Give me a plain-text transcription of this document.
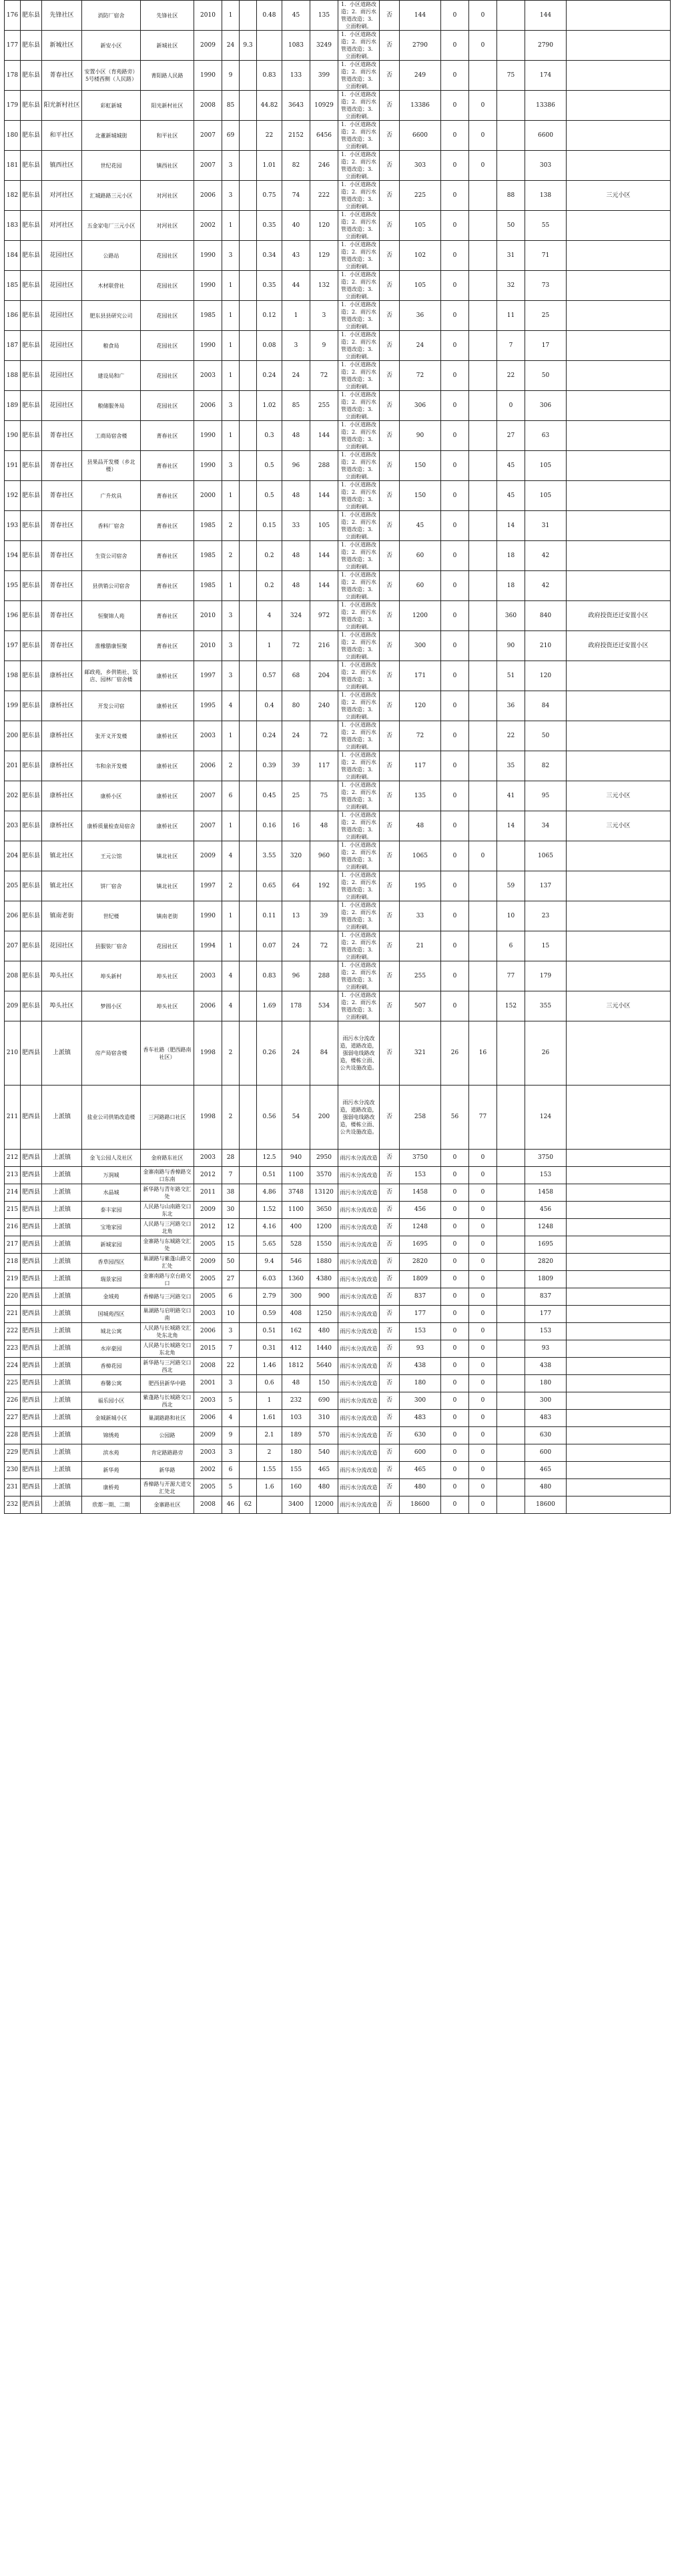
176	肥东县	先锋社区	消防厂宿舍	先锋社区	2010	1		0.48	45	135	1．小区道路改造；2．雨污水管道改造；3．立面粉刷。	否	144	0	0		144	
177	肥东县	新城社区	新安小区	新城社区	2009	24	9.3		1083	3249	1．小区道路改造；2．雨污水管道改造；3．立面粉刷。	否	2790	0	0		2790	
178	肥东县	菁春社区	安置小区（育苑路旁）5号楼西侧（人民路）	菁阳路人民路	1990	9		0.83	133	399	1．小区道路改造；2．雨污水管道改造；3．立面粉刷。	否	249	0		75	174	
179	肥东县	阳光新村社区	彩虹新城	阳光新村社区	2008	85		44.82	3643	10929	1．小区道路改造；2．雨污水管道改造；3．立面粉刷。	否	13386	0	0		13386	
180	肥东县	和平社区	北董新城城街	和平社区	2007	69		22	2152	6456	1．小区道路改造；2．雨污水管道改造；3．立面粉刷。	否	6600	0	0		6600	
181	肥东县	镇西社区	世纪花园	镇西社区	2007	3		1.01	82	246	1．小区道路改造；2．雨污水管道改造；3．立面粉刷。	否	303	0	0		303	
182	肥东县	对河社区	汇城路路三元小区	对河社区	2006	3		0.75	74	222	1．小区道路改造；2．雨污水管道改造；3．立面粉刷。	否	225	0		88	138	三元小区
183	肥东县	对河社区	五金家电厂三元小区	对河社区	2002	1		0.35	40	120	1．小区道路改造；2．雨污水管道改造；3．立面粉刷。	否	105	0		50	55	
184	肥东县	花园社区	公路站	花园社区	1990	3		0.34	43	129	1．小区道路改造；2．雨污水管道改造；3．立面粉刷。	否	102	0		31	71	
185	肥东县	花园社区	木材联营社	花园社区	1990	1		0.35	44	132	1．小区道路改造；2．雨污水管道改造；3．立面粉刷。	否	105	0		32	73	
186	肥东县	花园社区	肥东县县研究公司	花园社区	1985	1		0.12	1	3	1．小区道路改造；2．雨污水管道改造；3．立面粉刷。	否	36	0		11	25	
187	肥东县	花园社区	粮食局	花园社区	1990	1		0.08	3	9	1．小区道路改造；2．雨污水管道改造；3．立面粉刷。	否	24	0		7	17	
188	肥东县	花园社区	建设局和广	花园社区	2003	1		0.24	24	72	1．小区道路改造；2．雨污水管道改造；3．立面粉刷。	否	72	0		22	50	
189	肥东县	花园社区	粮储服务局	花园社区	2006	3		1.02	85	255	1．小区道路改造；2．雨污水管道改造；3．立面粉刷。	否	306	0		0	306	
190	肥东县	菁春社区	工商局宿舍楼	菁春社区	1990	1		0.3	48	144	1．小区道路改造；2．雨污水管道改造；3．立面粉刷。	否	90	0		27	63	
191	肥东县	菁春社区	县果品开发楼（乡北楼）	菁春社区	1990	3		0.5	96	288	1．小区道路改造；2．雨污水管道改造；3．立面粉刷。	否	150	0		45	105	
192	肥东县	菁春社区	广升炊具	菁春社区	2000	1		0.5	48	144	1．小区道路改造；2．雨污水管道改造；3．立面粉刷。	否	150	0		45	105	
193	肥东县	菁春社区	香料厂宿舍	菁春社区	1985	2		0.15	33	105	1．小区道路改造；2．雨污水管道改造；3．立面粉刷。	否	45	0		14	31	
194	肥东县	菁春社区	生资公司宿舍	菁春社区	1985	2		0.2	48	144	1．小区道路改造；2．雨污水管道改造；3．立面粉刷。	否	60	0		18	42	
195	肥东县	菁春社区	县供销公司宿舍	菁春社区	1985	1		0.2	48	144	1．小区道路改造；2．雨污水管道改造；3．立面粉刷。	否	60	0		18	42	
196	肥东县	菁春社区	恒聚锦人苑	菁春社区	2010	3		4	324	972	1．小区道路改造；2．雨污水管道改造；3．立面粉刷。	否	1200	0		360	840	政府投资还迁安置小区
197	肥东县	菁春社区	淮橡腊康恒聚	菁春社区	2010	3		1	72	216	1．小区道路改造；2．雨污水管道改造；3．立面粉刷。	否	300	0		90	210	政府投资还迁安置小区
198	肥东县	康桥社区	邮政苑，乡供销社、饭店、园林厂宿舍楼	康桥社区	1997	3		0.57	68	204	1．小区道路改造；2．雨污水管道改造；3．立面粉刷。	否	171	0		51	120	
199	肥东县	康桥社区	开发公司宿	康桥社区	1995	4		0.4	80	240	1．小区道路改造；2．雨污水管道改造；3．立面粉刷。	否	120	0		36	84	
200	肥东县	康桥社区	张开义开发楼	康桥社区	2003	1		0.24	24	72	1．小区道路改造；2．雨污水管道改造；3．立面粉刷。	否	72	0		22	50	
201	肥东县	康桥社区	韦和余开发楼	康桥社区	2006	2		0.39	39	117	1．小区道路改造；2．雨污水管道改造；3．立面粉刷。	否	117	0		35	82	
202	肥东县	康桥社区	康桥小区	康桥社区	2007	6		0.45	25	75	1．小区道路改造；2．雨污水管道改造；3．立面粉刷。	否	135	0		41	95	三元小区
203	肥东县	康桥社区	康桥质量检查局宿舍	康桥社区	2007	1		0.16	16	48	1．小区道路改造；2．雨污水管道改造；3．立面粉刷。	否	48	0		14	34	三元小区
204	肥东县	镇北社区	王元公馆	镇北社区	2009	4		3.55	320	960	1．小区道路改造；2．雨污水管道改造；3．立面粉刷。	否	1065	0	0		1065	
205	肥东县	镇北社区	饼厂宿舍	镇北社区	1997	2		0.65	64	192	1．小区道路改造；2．雨污水管道改造；3．立面粉刷。	否	195	0		59	137	
206	肥东县	镇南老街	世纪楼	镇南老街	1990	1		0.11	13	39	1．小区道路改造；2．雨污水管道改造；3．立面粉刷。	否	33	0		10	23	
207	肥东县	花园社区	县服装厂宿舍	花园社区	1994	1		0.07	24	72	1．小区道路改造；2．雨污水管道改造；3．立面粉刷。	否	21	0		6	15	
208	肥东县	埠头社区	埠头新村	埠头社区	2003	4		0.83	96	288	1．小区道路改造；2．雨污水管道改造；3．立面粉刷。	否	255	0		77	179	
209	肥东县	埠头社区	梦圆小区	埠头社区	2006	4		1.69	178	534	1．小区道路改造；2．雨污水管道改造；3．立面粉刷。	否	507	0		152	355	三元小区
210	肥西县	上派镇	房产局宿舍楼	香车社路（肥西路南社区）	1998	2		0.26	24	84	雨污水分流改造，道路改造，强弱电线路改造，楼栋立面、公共设施改造。	否	321	26	16		26	
211	肥西县	上派镇	盐业公司供销改造楼	三河路路口社区	1998	2		0.56	54	200	雨污水分流改造，道路改造，强弱电线路改造，楼栋立面、公共设施改造。	否	258	56	77		124	
212	肥西县	上派镇	金飞公园人及社区	金府路东社区	2003	28		12.5	940	2950	雨污水分流改造	否	3750	0	0		3750	
213	肥西县	上派镇	万润城	金寨南路与香樟路交口东南	2012	7		0.51	1100	3570	雨污水分流改造	否	153	0	0		153	
214	肥西县	上派镇	水晶城	新华路与青年路交汇处	2011	38		4.86	3748	13120	雨污水分流改造	否	1458	0	0		1458	
215	肥西县	上派镇	泰丰家园	人民路与山南路交口东北	2009	30		1.52	1100	3650	雨污水分流改造	否	456	0	0		456	
216	肥西县	上派镇	宝地家园	人民路与三河路交口北角	2012	12		4.16	400	1200	雨污水分流改造	否	1248	0	0		1248	
217	肥西县	上派镇	新城家园	金寨路与东城路交汇处	2005	15		5.65	528	1550	雨污水分流改造	否	1695	0	0		1695	
218	肥西县	上派镇	香草园西区	巢湖路与紫蓬山路交汇处	2009	50		9.4	546	1880	雨污水分流改造	否	2820	0	0		2820	
219	肥西县	上派镇	瑞景家园	金寨南路与京台路交口	2005	27		6.03	1360	4380	雨污水分流改造	否	1809	0	0		1809	
220	肥西县	上派镇	金域苑	香樟路与三河路交口	2005	6		2.79	300	900	雨污水分流改造	否	837	0	0		837	
221	肥西县	上派镇	国城苑西区	巢湖路与启明路交口南	2003	10		0.59	408	1250	雨污水分流改造	否	177	0	0		177	
222	肥西县	上派镇	城北公寓	人民路与长城路交汇处东北角	2006	3		0.51	162	480	雨污水分流改造	否	153	0	0		153	
223	肥西县	上派镇	水岸豪园	人民路与长城路交口东北角	2015	7		0.31	412	1440	雨污水分流改造	否	93	0	0		93	
224	肥西县	上派镇	香樟花园	新华路与三河路交口西北	2008	22		1.46	1812	5640	雨污水分流改造	否	438	0	0		438	
225	肥西县	上派镇	春馨公寓	肥西县新华中路	2001	3		0.6	48	150	雨污水分流改造	否	180	0	0		180	
226	肥西县	上派镇	福乐园小区	紫蓬路与长城路交口西北	2003	5		1	232	690	雨污水分流改造	否	300	0	0		300	
227	肥西县	上派镇	金城新城小区	巢湖路路和社区	2006	4		1.61	103	310	雨污水分流改造	否	483	0	0		483	
228	肥西县	上派镇	锦绣苑	公园路	2009	9		2.1	189	570	雨污水分流改造	否	630	0	0		630	
229	肥西县	上派镇	滨水苑	肯定路路路旁	2003	3		2	180	540	雨污水分流改造	否	600	0	0		600	
230	肥西县	上派镇	新华苑	新华路	2002	6		1.55	155	465	雨污水分流改造	否	465	0	0		465	
231	肥西县	上派镇	康桥苑	香樟路与开源大道交汇处北	2005	5		1.6	160	480	雨污水分流改造	否	480	0	0		480	
232	肥西县	上派镇	欣都一期、二期	金寨路社区	2008	46	62		3400	12000	雨污水分流改造	否	18600	0	0		18600	
